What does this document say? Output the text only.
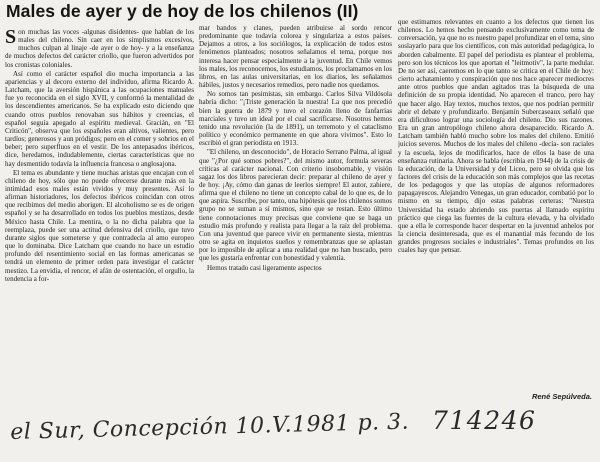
Males de ayer y de hoy de los chilenos (II)

Son muchas las voces -algunas disidentes- que hablan de los males del chileno. Sin caer en los simplismos excesivos, muchos culpan al linaje -de ayer o de hoy- y a la enseñanza de muchos defectos del carácter criollo, que fueron advertidos por los cronistas coloniales.

Así como el carácter español dio mucha importancia a las apariencias y al decoro externo del individuo, afirma Ricardo A. Latcham, que la aversión hispánica a las ocupaciones manuales fue yo reconocida en el siglo XVII, y conformó la mentalidad de los descendientes americanos. Se ha explicado esto diciendo que cuando otros pueblos renovaban sus hábitos y creencias, el español seguía apegado al espíritu medieval. Gracián, en "El Criticón", observa que los españoles eran altivos, valientes, pero tardíos; generosos y aun pródigos; pero en el comer y sobrios en el beber; pero superfluos en el vestir. De los antepasados ibéricos, dice, heredamos, indudablemente, ciertas características que no hay desmentido todavía la influencia francesa o anglosajona.

El tema es abundante y tiene muchas aristas que encajan con el chileno de hoy, sólo que no puede ofrecerse durante más en la intimidad esos males están vividos y muy presentes. Así lo afirman historiadores, los defectos ibéricos coincidan con otros que recibimos del medio aborigen. El alcoholismo se es de origen español y se ha desarrollado en todos los pueblos mestizos, desde México hasta Chile. La mentira, o la no dicha palabra que la reemplaza, puede ser una actitud defensiva del criollo, que tuvo durante siglos que someterse y que contradecía al amo europeo que lo dominaba. Dice Latcham que cuando no hace un estudio profundo del resentimiento social en las formas americanas se tendrá un elemento de primer orden para investigar el carácter mestizo. La envidia, el rencor, el afán de ostentación, el orgullo, la tendencia a for-

mar bandos y clanes, pueden atribuirse al sordo rencor predominante que todavía colorea y singulariza a estos países. Dejamos a otros, a los sociólogos, la explicación de todos estos fenómenos planteados; nosotros señalamos el tema, porque nos interesa hacer pensar especialmente a la juventud. En Chile vemos los males, los reconocemos, los estudiamos, los proclamamos en los libros, en las aulas universitarias, en los diarios, les señalamos hábiles, justos y necesarios remedios, pero nadie nos quedamos.

No somos tan pesimistas, sin embargo. Carlos Silva Vildósola habría dicho: "¡Triste generación la nuestra! La que nos precedió bien la guerra de 1879 y tuvo el corazón lleno de fanfarrias marciales y tuvo un ideal por el cual sacrificarse. Nosotros hemos tenido una revolución (la de 1891), un terremoto y el cataclismo político y económico permanente en que ahora vivimos". Esto lo escribió el gran periodista en 1913.

"El chileno, un desconocido", de Horacio Serrano Palma, al igual que "¿Por qué somos pobres?", del mismo autor, formula severas críticas al carácter nacional. Con criterio insobornable, y visión sagaz los dos libros parecieran decir: preparar al chileno de ayer y de hoy. ¡Ay, cómo dan ganas de leerlos siempre! El autor, zahiere, afirma que el chileno no tiene un concepto cabal de lo que es, de lo que aspira. Suscribe, por tanto, una hipótesis que los chilenos somos grupo no se suman a sí mismos, sino que se restan. Esto último tiene connotaciones muy precisas que conviene que se haga un estudio más profundo y realista para llegar a la raíz del problema. Con una juventud que parece vivir en permanente siesta, mientras otro se agita en inquietos sueños y remembranzas que se aplastan por lo imposible de aplicar a una realidad que no han buscado, pero que les gustaría enfrentar con honestidad y valentía.

Hemos tratado casi ligeramente aspectos

que estimamos relevantes en cuanto a los defectos que tienen los chilenos. Lo hemos hecho pensando exclusivamente como tema de conversación, ya que no es nuestro papel profundizar en el tema, sino soslayarlo para que los científicos, con más autoridad pedagógica, lo aborden cabalmente. El papel del periodista es plantear el problema, pero son los técnicos los que aportan el "leitmotiv", la parte medular. De no ser así, caeremos en lo que tanto se critica en el Chile de hoy: cierto achatamiento y conspiración que nos hace aparecer mediocres ante otros pueblos que andan agitados tras la búsqueda de una definición de su propia identidad. No aparecen el tranco, pero hay que hacer algo. Hay textos, muchos textos, que nos podrían permitir abrir el debate y profundizarlo. Benjamín Subercaseaux señaló que era dificultoso lograr una sociología del chileno. Dio sus razones. Era un gran antropólogo chileno ahora desaparecido. Ricardo A. Latcham también habló mucho sobre los males del chileno. Emitió juicios severos. Muchos de los males del chileno -decía- son raciales y la escuela, lejos de modificarlos, hace de ellos la base de una enseñanza rutinaria. Ahora se habla (escribía en 1944) de la crisis de la educación, de la Universidad y del Liceo, pero se olvida que los factores del crisis de la educación son más complejos que las recetas de los pedagogos y que las utopías de algunos reformadores papagayescos. Alejandro Venegas, un gran educador, combatió por lo mismo en su tiempo, dijo estas palabras certeras: "Nuestra Universidad ha estado abriendo sus puertas al llamado espíritu práctico que ciega las fuentes de la cultura elevada, y ha olvidado que a ella le corresponde hacer despertar en la juventud anhelos por la ciencia desinteresada, que es el manantial más fecundo de los grandes progresos sociales e industriales". Temas profundos en los cuales hay que pensar.

René Sepúlveda.
el Sur, Concepción 10.V.1981 p. 3. 714246
